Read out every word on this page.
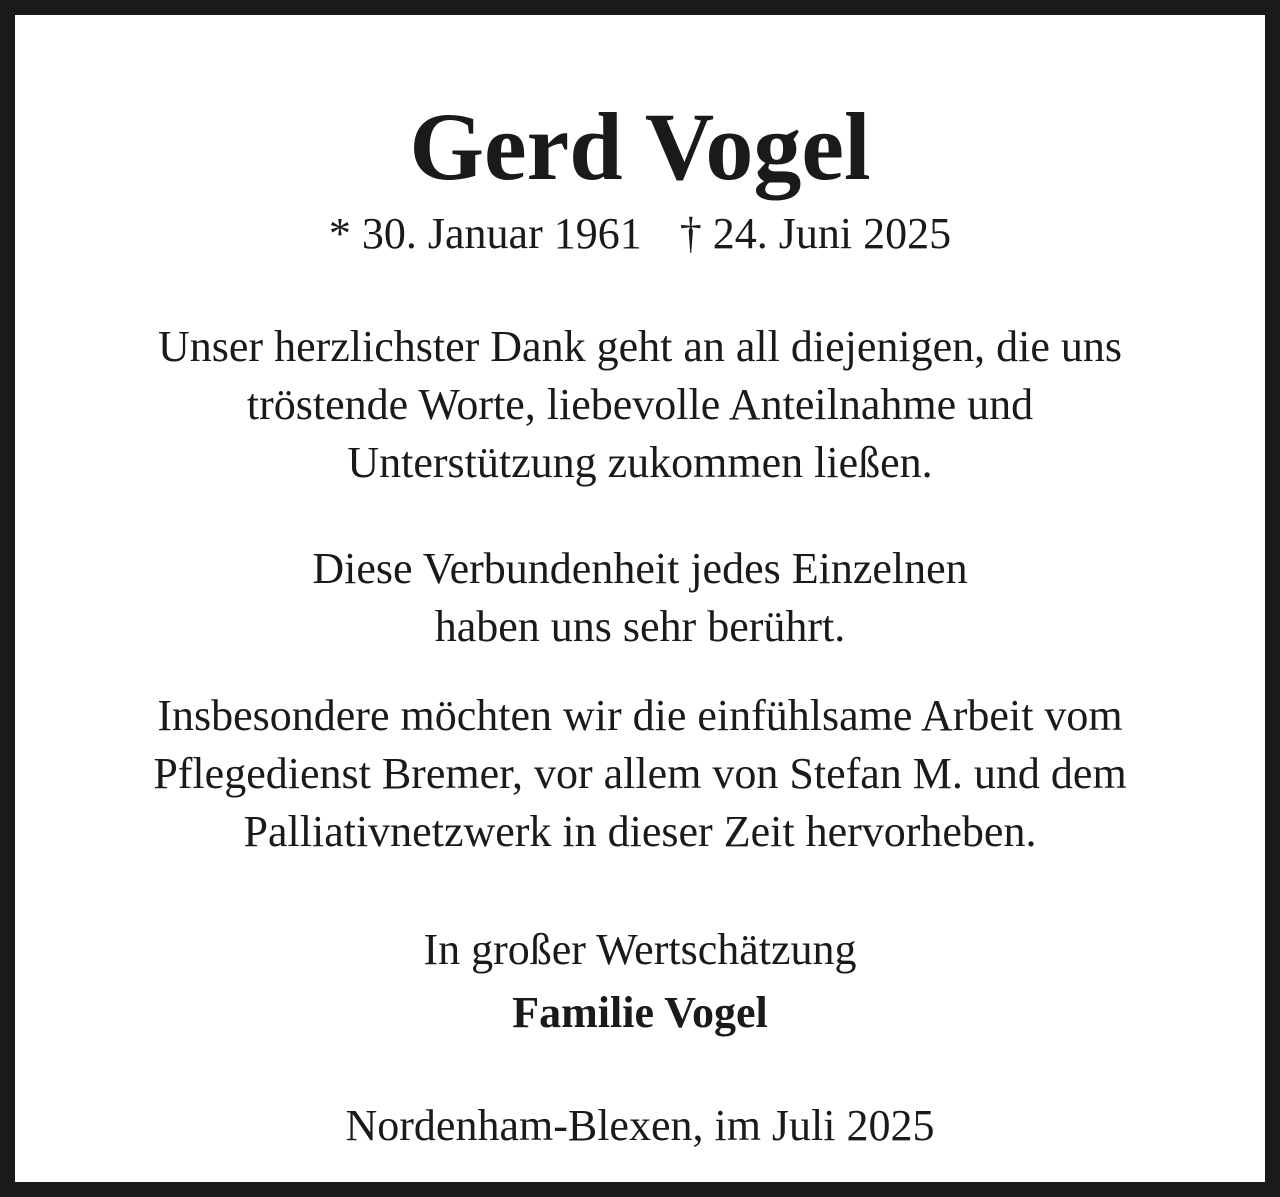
Gerd Vogel
* 30. Januar 1961 † 24. Juni 2025
Unser herzlichster Dank geht an all diejenigen, die uns
tröstende Worte, liebevolle Anteilnahme und
Unterstützung zukommen ließen.
Diese Verbundenheit jedes Einzelnen
haben uns sehr berührt.
Insbesondere möchten wir die einfühlsame Arbeit vom
Pflegedienst Bremer, vor allem von Stefan M. und dem
Palliativnetzwerk in dieser Zeit hervorheben.
In großer Wertschätzung
Familie Vogel
Nordenham-Blexen, im Juli 2025
